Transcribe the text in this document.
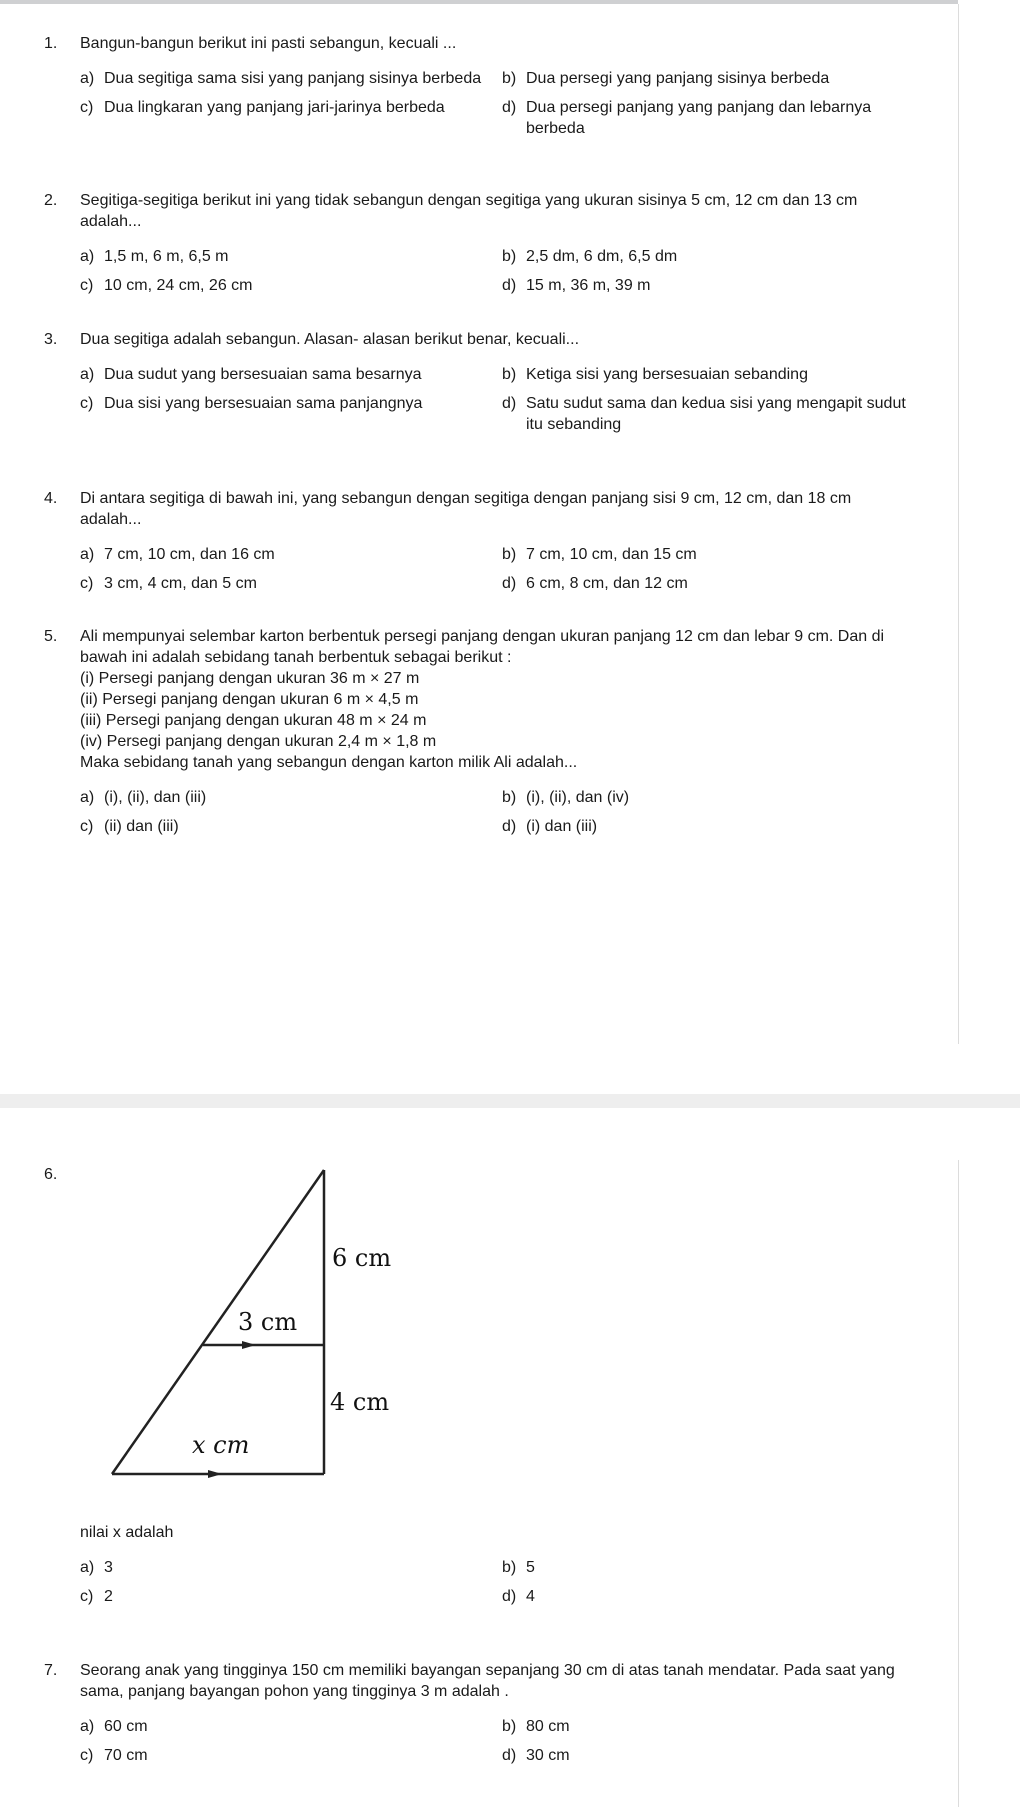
1.	Bangun-bangun berikut ini pasti sebangun, kecuali ...
a) Dua segitiga sama sisi yang panjang sisinya berbeda	b) Dua persegi yang panjang sisinya berbeda
c) Dua lingkaran yang panjang jari-jarinya berbeda	d) Dua persegi panjang yang panjang dan lebarnya berbeda
2.	Segitiga-segitiga berikut ini yang tidak sebangun dengan segitiga yang ukuran sisinya 5 cm, 12 cm dan 13 cm adalah...
a) 1,5 m, 6 m, 6,5 m	b) 2,5 dm, 6 dm, 6,5 dm
c) 10 cm, 24 cm, 26 cm	d) 15 m, 36 m, 39 m
3.	Dua segitiga adalah sebangun. Alasan- alasan berikut benar, kecuali...
a) Dua sudut yang bersesuaian sama besarnya	b) Ketiga sisi yang bersesuaian sebanding
c) Dua sisi yang bersesuaian sama panjangnya	d) Satu sudut sama dan kedua sisi yang mengapit sudut itu sebanding
4.	Di antara segitiga di bawah ini, yang sebangun dengan segitiga dengan panjang sisi 9 cm, 12 cm, dan 18 cm adalah...
a) 7 cm, 10 cm, dan 16 cm	b) 7 cm, 10 cm, dan 15 cm
c) 3 cm, 4 cm, dan 5 cm	d) 6 cm, 8 cm, dan 12 cm
5.	Ali mempunyai selembar karton berbentuk persegi panjang dengan ukuran panjang 12 cm dan lebar 9 cm. Dan di bawah ini adalah sebidang tanah berbentuk sebagai berikut :
(i) Persegi panjang dengan ukuran 36 m × 27 m
(ii) Persegi panjang dengan ukuran 6 m × 4,5 m
(iii) Persegi panjang dengan ukuran 48 m × 24 m
(iv) Persegi panjang dengan ukuran 2,4 m × 1,8 m
Maka sebidang tanah yang sebangun dengan karton milik Ali adalah...
a) (i), (ii), dan (iii)	b) (i), (ii), dan (iv)
c) (ii) dan (iii)	d) (i) dan (iii)
6.
6 cm
3 cm
4 cm
x cm
nilai x adalah
a) 3	b) 5
c) 2	d) 4
7.	Seorang anak yang tingginya 150 cm memiliki bayangan sepanjang 30 cm di atas tanah mendatar. Pada saat yang sama, panjang bayangan pohon yang tingginya 3 m adalah .
a) 60 cm	b) 80 cm
c) 70 cm	d) 30 cm
